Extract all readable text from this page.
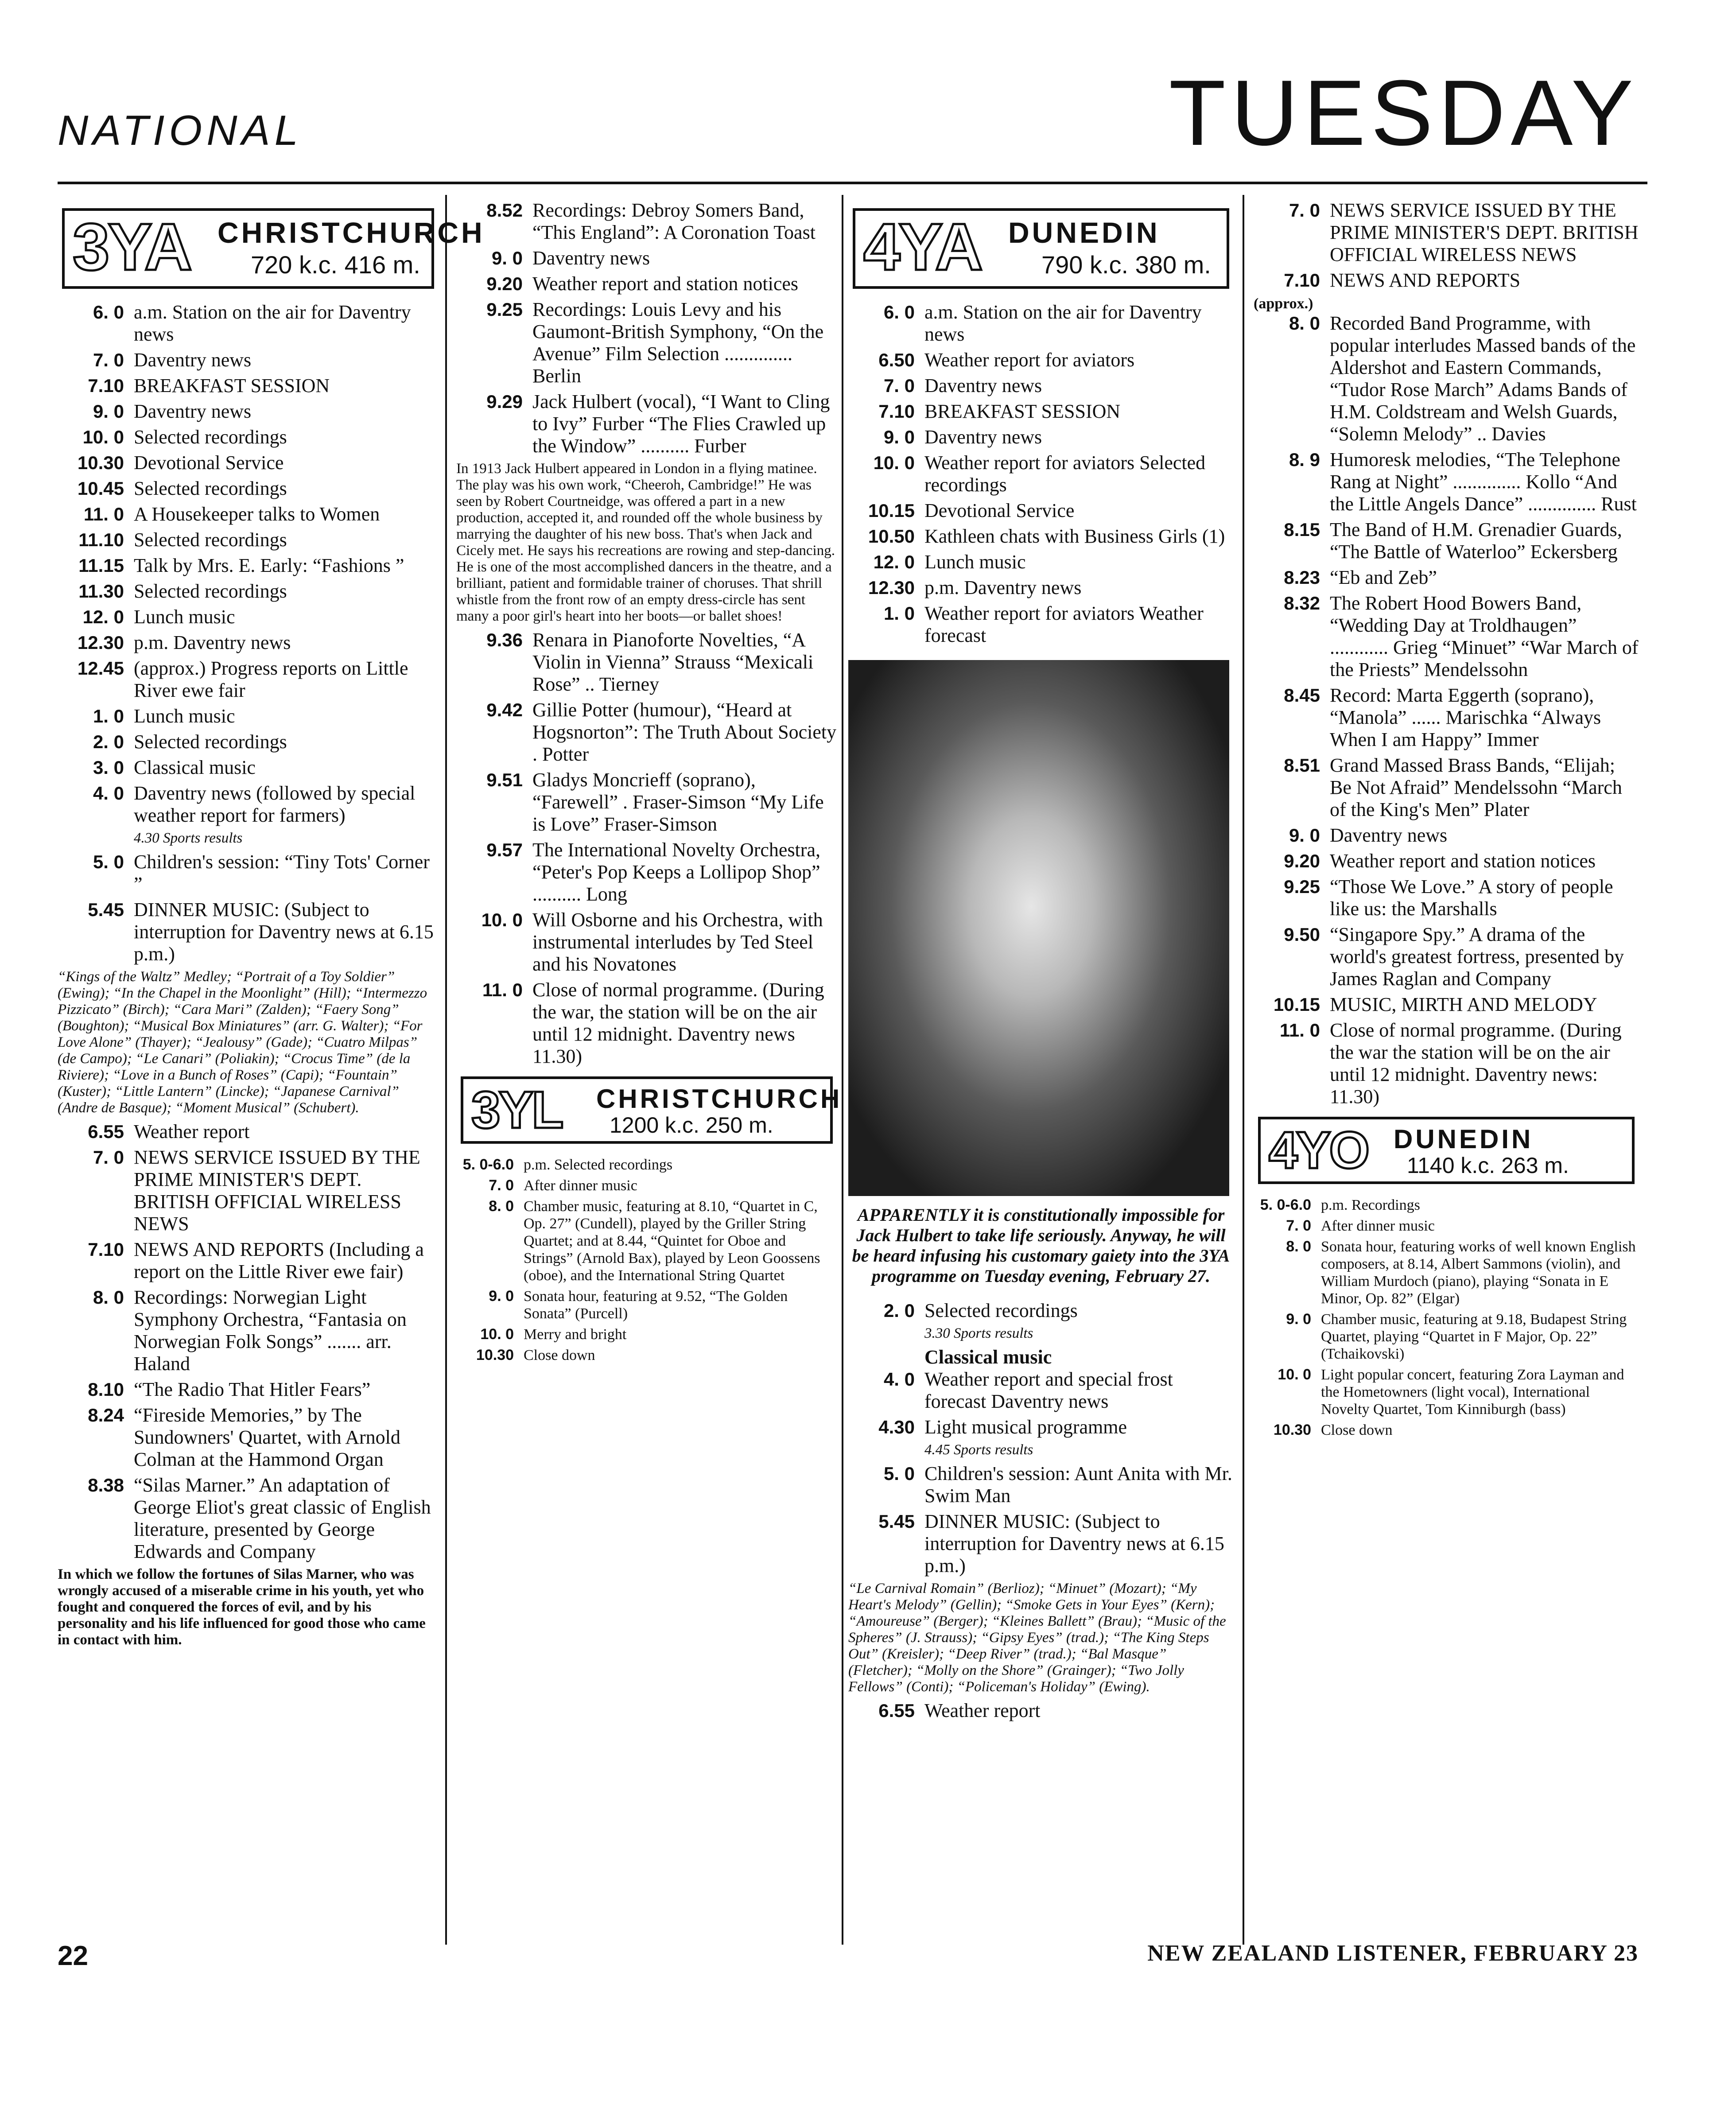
NATIONAL	TUESDAY
3YA CHRISTCHURCH
720 k.c. 416 m.
6. 0 a.m. Station on the air for Daventry news
7. 0 Daventry news
7.10 BREAKFAST SESSION
9. 0 Daventry news
10. 0 Selected recordings
10.30 Devotional Service
10.45 Selected recordings
11. 0 A Housekeeper talks to Women
11.10 Selected recordings
11.15 Talk by Mrs. E. Early: “Fashions ”
11.30 Selected recordings
12. 0 Lunch music
12.30 p.m. Daventry news
12.45 (approx.) Progress reports on Little River ewe fair
1. 0 Lunch music
2. 0 Selected recordings
3. 0 Classical music
4. 0 Daventry news (followed by special weather report for farmers)
4.30 Sports results
5. 0 Children's session: “Tiny Tots' Corner ”
5.45 DINNER MUSIC: (Subject to interruption for Daventry news at 6.15 p.m.)
“Kings of the Waltz” Medley; “Portrait of a Toy Soldier” (Ewing); “In the Chapel in the Moonlight” (Hill); “Intermezzo Pizzicato” (Birch); “Cara Mari” (Zalden); “Faery Song” (Boughton); “Musical Box Miniatures” (arr. G. Walter); “For Love Alone” (Thayer); “Jealousy” (Gade); “Cuatro Milpas” (de Campo); “Le Canari” (Poliakin); “Crocus Time” (de la Riviere); “Love in a Bunch of Roses” (Capi); “Fountain” (Kuster); “Little Lantern” (Lincke); “Japanese Carnival” (Andre de Basque); “Moment Musical” (Schubert).
6.55 Weather report
7. 0 NEWS SERVICE ISSUED BY THE PRIME MINISTER'S DEPT. BRITISH OFFICIAL WIRELESS NEWS
7.10 NEWS AND REPORTS (Including a report on the Little River ewe fair)
8. 0 Recordings: Norwegian Light Symphony Orchestra, “Fantasia on Norwegian Folk Songs” ....... arr. Haland
8.10 “The Radio That Hitler Fears”
8.24 “Fireside Memories,” by The Sundowners' Quartet, with Arnold Colman at the Hammond Organ
8.38 “Silas Marner.” An adaptation of George Eliot's great classic of English literature, presented by George Edwards and Company
In which we follow the fortunes of Silas Marner, who was wrongly accused of a miserable crime in his youth, yet who fought and conquered the forces of evil, and by his personality and his life influenced for good those who came in contact with him.
8.52 Recordings: Debroy Somers Band, “This England”: A Coronation Toast
9. 0 Daventry news
9.20 Weather report and station notices
9.25 Recordings: Louis Levy and his Gaumont-British Symphony, “On the Avenue” Film Selection .............. Berlin
9.29 Jack Hulbert (vocal), “I Want to Cling to Ivy” Furber “The Flies Crawled up the Window” .......... Furber
In 1913 Jack Hulbert appeared in London in a flying matinee. The play was his own work, “Cheeroh, Cambridge!” He was seen by Robert Courtneidge, was offered a part in a new production, accepted it, and rounded off the whole business by marrying the daughter of his new boss. That's when Jack and Cicely met. He says his recreations are rowing and step-dancing. He is one of the most accomplished dancers in the theatre, and a brilliant, patient and formidable trainer of choruses. That shrill whistle from the front row of an empty dress-circle has sent many a poor girl's heart into her boots—or ballet shoes!
9.36 Renara in Pianoforte Novelties, “A Violin in Vienna” Strauss “Mexicali Rose” .. Tierney
9.42 Gillie Potter (humour), “Heard at Hogsnorton”: The Truth About Society . Potter
9.51 Gladys Moncrieff (soprano), “Farewell” . Fraser-Simson “My Life is Love” Fraser-Simson
9.57 The International Novelty Orchestra, “Peter's Pop Keeps a Lollipop Shop” .......... Long
10. 0 Will Osborne and his Orchestra, with instrumental interludes by Ted Steel and his Novatones
11. 0 Close of normal programme. (During the war, the station will be on the air until 12 midnight. Daventry news 11.30)
3YL CHRISTCHURCH
1200 k.c. 250 m.
5. 0-6.0 p.m. Selected recordings
7. 0 After dinner music
8. 0 Chamber music, featuring at 8.10, “Quartet in C, Op. 27” (Cundell), played by the Griller String Quartet; and at 8.44, “Quintet for Oboe and Strings” (Arnold Bax), played by Leon Goossens (oboe), and the International String Quartet
9. 0 Sonata hour, featuring at 9.52, “The Golden Sonata” (Purcell)
10. 0 Merry and bright
10.30 Close down
4YA DUNEDIN
790 k.c. 380 m.
6. 0 a.m. Station on the air for Daventry news
6.50 Weather report for aviators
7. 0 Daventry news
7.10 BREAKFAST SESSION
9. 0 Daventry news
10. 0 Weather report for aviators Selected recordings
10.15 Devotional Service
10.50 Kathleen chats with Business Girls (1)
12. 0 Lunch music
12.30 p.m. Daventry news
1. 0 Weather report for aviators Weather forecast
APPARENTLY it is constitutionally impossible for Jack Hulbert to take life seriously. Anyway, he will be heard infusing his customary gaiety into the 3YA programme on Tuesday evening, February 27.
2. 0 Selected recordings
3.30 Sports results
Classical music
4. 0 Weather report and special frost forecast Daventry news
4.30 Light musical programme
4.45 Sports results
5. 0 Children's session: Aunt Anita with Mr. Swim Man
5.45 DINNER MUSIC: (Subject to interruption for Daventry news at 6.15 p.m.)
“Le Carnival Romain” (Berlioz); “Minuet” (Mozart); “My Heart's Melody” (Gellin); “Smoke Gets in Your Eyes” (Kern); “Amoureuse” (Berger); “Kleines Ballett” (Brau); “Music of the Spheres” (J. Strauss); “Gipsy Eyes” (trad.); “The King Steps Out” (Kreisler); “Deep River” (trad.); “Bal Masque” (Fletcher); “Molly on the Shore” (Grainger); “Two Jolly Fellows” (Conti); “Policeman's Holiday” (Ewing).
6.55 Weather report
7. 0 NEWS SERVICE ISSUED BY THE PRIME MINISTER'S DEPT. BRITISH OFFICIAL WIRELESS NEWS
7.10 NEWS AND REPORTS
(approx.)
8. 0 Recorded Band Programme, with popular interludes Massed bands of the Aldershot and Eastern Commands, “Tudor Rose March” Adams Bands of H.M. Coldstream and Welsh Guards, “Solemn Melody” .. Davies
8. 9 Humoresk melodies, “The Telephone Rang at Night” .............. Kollo “And the Little Angels Dance” .............. Rust
8.15 The Band of H.M. Grenadier Guards, “The Battle of Waterloo” Eckersberg
8.23 “Eb and Zeb”
8.32 The Robert Hood Bowers Band, “Wedding Day at Troldhaugen” ............ Grieg “Minuet” “War March of the Priests” Mendelssohn
8.45 Record: Marta Eggerth (soprano), “Manola” ...... Marischka “Always When I am Happy” Immer
8.51 Grand Massed Brass Bands, “Elijah; Be Not Afraid” Mendelssohn “March of the King's Men” Plater
9. 0 Daventry news
9.20 Weather report and station notices
9.25 “Those We Love.” A story of people like us: the Marshalls
9.50 “Singapore Spy.” A drama of the world's greatest fortress, presented by James Raglan and Company
10.15 MUSIC, MIRTH AND MELODY
11. 0 Close of normal programme. (During the war the station will be on the air until 12 midnight. Daventry news: 11.30)
4YO DUNEDIN
1140 k.c. 263 m.
5. 0-6.0 p.m. Recordings
7. 0 After dinner music
8. 0 Sonata hour, featuring works of well known English composers, at 8.14, Albert Sammons (violin), and William Murdoch (piano), playing “Sonata in E Minor, Op. 82” (Elgar)
9. 0 Chamber music, featuring at 9.18, Budapest String Quartet, playing “Quartet in F Major, Op. 22” (Tchaikovski)
10. 0 Light popular concert, featuring Zora Layman and the Hometowners (light vocal), International Novelty Quartet, Tom Kinniburgh (bass)
10.30 Close down
22	NEW ZEALAND LISTENER, FEBRUARY 23
